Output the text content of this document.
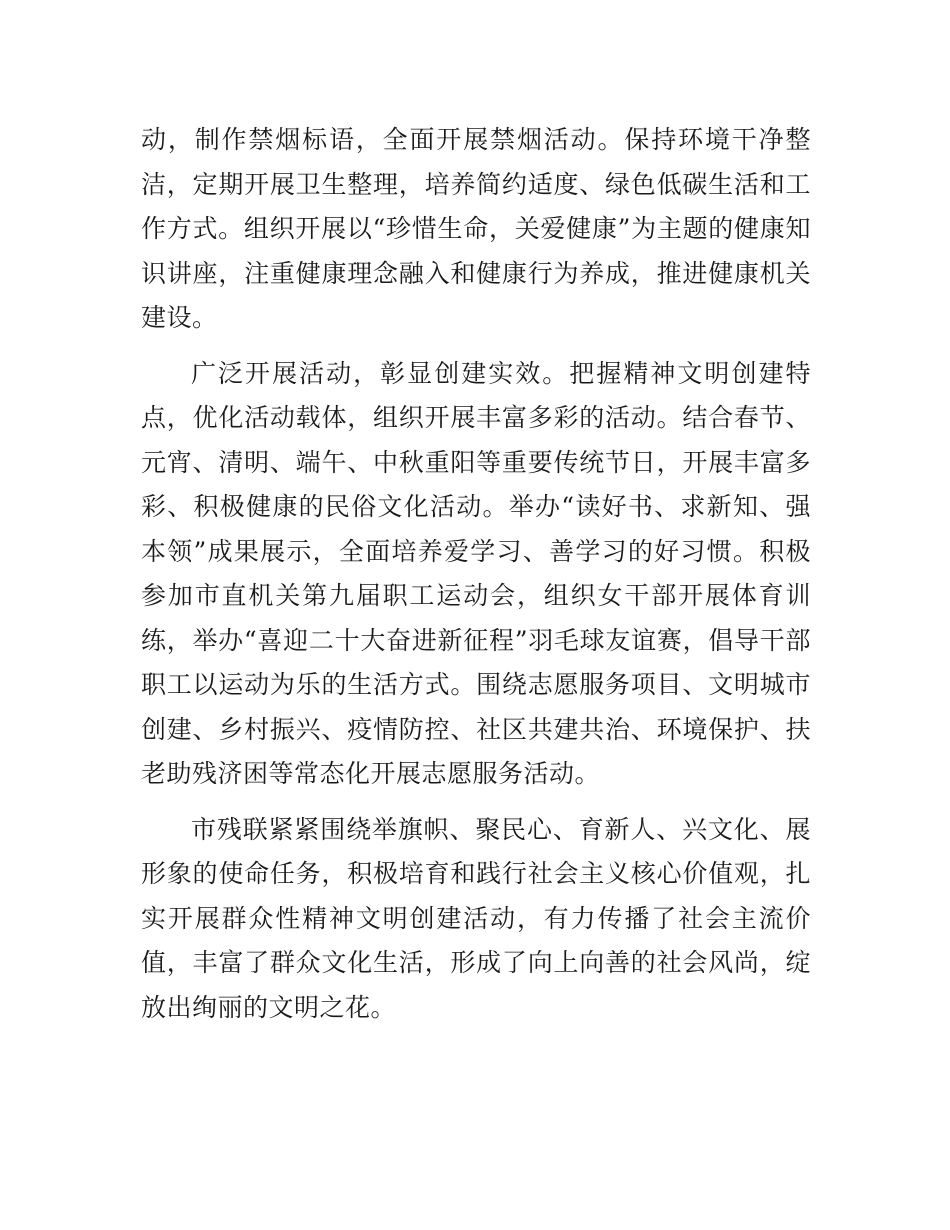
动，制作禁烟标语，全面开展禁烟活动。保持环境干净整洁，定期开展卫生整理，培养简约适度、绿色低碳生活和工作方式。组织开展以“珍惜生命，关爱健康”为主题的健康知识讲座，注重健康理念融入和健康行为养成，推进健康机关建设。

广泛开展活动，彰显创建实效。把握精神文明创建特点，优化活动载体，组织开展丰富多彩的活动。结合春节、元宵、清明、端午、中秋重阳等重要传统节日，开展丰富多彩、积极健康的民俗文化活动。举办“读好书、求新知、强本领”成果展示，全面培养爱学习、善学习的好习惯。积极参加市直机关第九届职工运动会，组织女干部开展体育训练，举办“喜迎二十大奋进新征程”羽毛球友谊赛，倡导干部职工以运动为乐的生活方式。围绕志愿服务项目、文明城市创建、乡村振兴、疫情防控、社区共建共治、环境保护、扶老助残济困等常态化开展志愿服务活动。

市残联紧紧围绕举旗帜、聚民心、育新人、兴文化、展形象的使命任务，积极培育和践行社会主义核心价值观，扎实开展群众性精神文明创建活动，有力传播了社会主流价值，丰富了群众文化生活，形成了向上向善的社会风尚，绽放出绚丽的文明之花。
